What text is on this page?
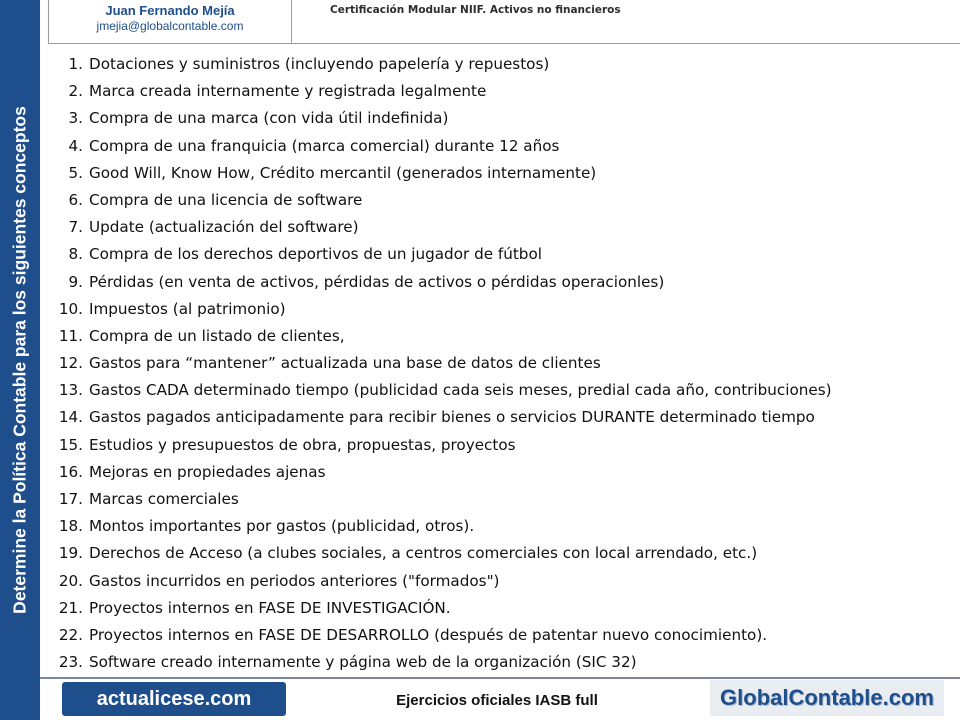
Determine la Política Contable para los siguientes conceptos
Juan Fernando Mejía
jmejia@globalcontable.com
Certificación Modular NIIF. Activos no financieros
1. Dotaciones y suministros (incluyendo papelería y repuestos)
2. Marca creada internamente y registrada legalmente
3. Compra de una marca (con vida útil indefinida)
4. Compra de una franquicia (marca comercial) durante 12 años
5. Good Will, Know How, Crédito mercantil (generados internamente)
6. Compra de una licencia de software
7. Update (actualización del software)
8. Compra de los derechos deportivos de un jugador de fútbol
9. Pérdidas (en venta de activos, pérdidas de activos o pérdidas operacionles)
10. Impuestos (al patrimonio)
11. Compra de un listado de clientes,
12. Gastos para “mantener” actualizada una base de datos de clientes
13. Gastos CADA determinado tiempo (publicidad cada seis meses, predial cada año, contribuciones)
14. Gastos pagados anticipadamente para recibir bienes o servicios DURANTE determinado tiempo
15. Estudios y presupuestos de obra, propuestas, proyectos
16. Mejoras en propiedades ajenas
17. Marcas comerciales
18. Montos importantes por gastos (publicidad, otros).
19. Derechos de Acceso (a clubes sociales, a centros comerciales con local arrendado, etc.)
20. Gastos incurridos en periodos anteriores ("formados")
21. Proyectos internos en FASE DE INVESTIGACIÓN.
22. Proyectos internos en FASE DE DESARROLLO (después de patentar nuevo conocimiento).
23. Software creado internamente y página web de la organización (SIC 32)
actualicese.com	Ejercicios oficiales IASB full	GlobalContable.com
